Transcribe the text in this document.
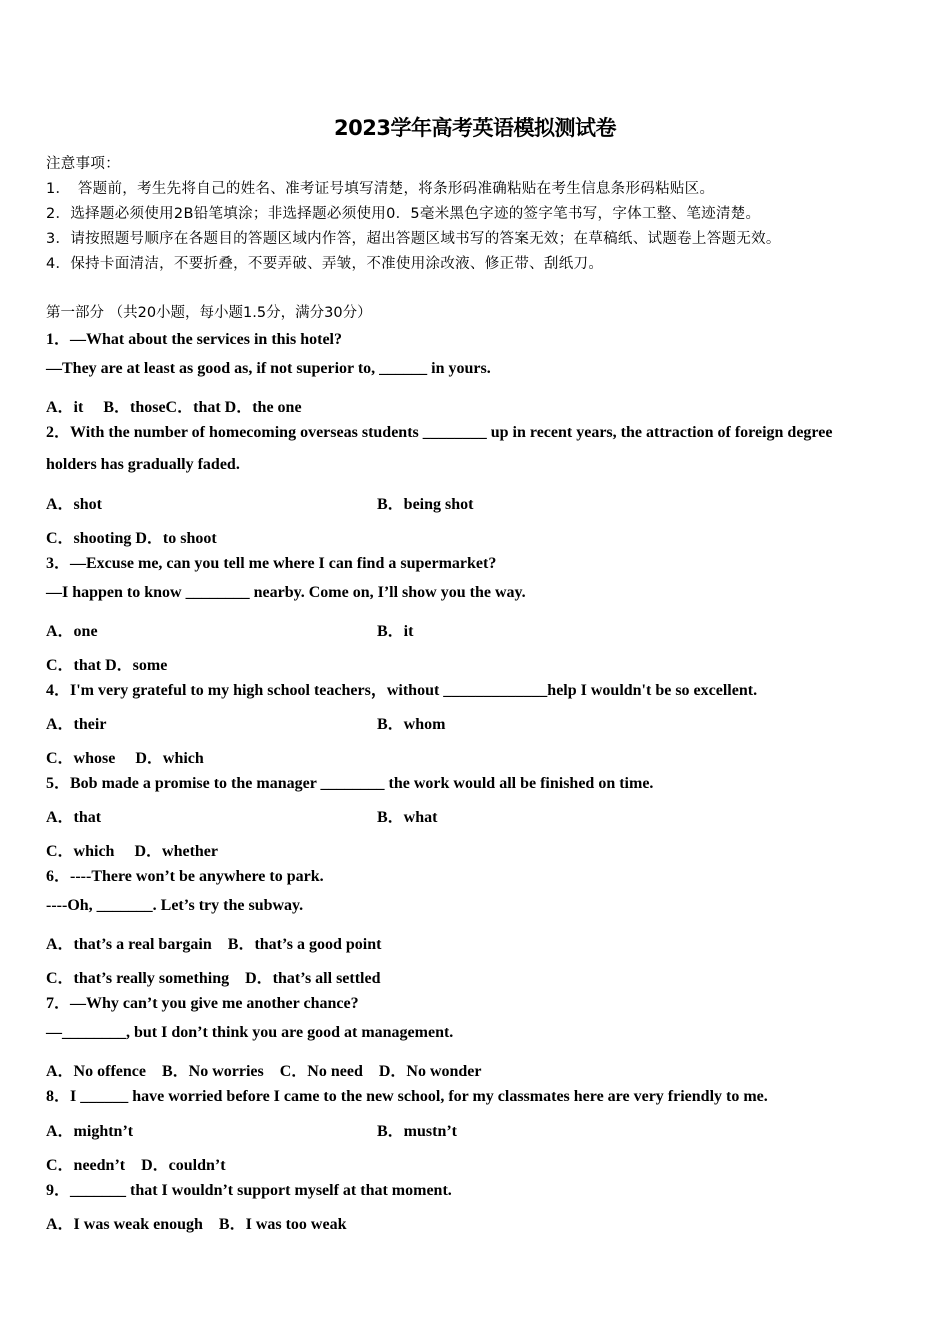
2023学年高考英语模拟测试卷
注意事项：
1．　答题前，考生先将自己的姓名、准考证号填写清楚，将条形码准确粘贴在考生信息条形码粘贴区。
2．选择题必须使用2B铅笔填涂；非选择题必须使用0．5毫米黑色字迹的签字笔书写，字体工整、笔迹清楚。
3．请按照题号顺序在各题目的答题区域内作答，超出答题区域书写的答案无效；在草稿纸、试题卷上答题无效。
4．保持卡面清洁，不要折叠，不要弄破、弄皱，不准使用涂改液、修正带、刮纸刀。
第一部分 （共20小题，每小题1.5分，满分30分）
1．—What about the services in this hotel?
—They are at least as good as, if not superior to, ______ in yours.
A．it　 B．thoseC．that D．the one
2．With the number of homecoming overseas students ________ up in recent years, the attraction of foreign degree
holders has gradually faded.
A．shot	B．being shot
C．shooting D．to shoot
3．—Excuse me, can you tell me where I can find a supermarket?
—I happen to know ________ nearby. Come on, I’ll show you the way.
A．one	B．it
C．that D．some
4．I'm very grateful to my high school teachers，without _____________help I wouldn't be so excellent.
A．their	B．whom
C．whose　 D．which
5．Bob made a promise to the manager ________ the work would all be finished on time.
A．that	B．what
C．which　 D．whether
6．----There won’t be anywhere to park.
----Oh, _______. Let’s try the subway.
A．that’s a real bargain　B．that’s a good point
C．that’s really something　D．that’s all settled
7．—Why can’t you give me another chance?
—________, but I don’t think you are good at management.
A．No offence　B．No worries　C．No need　D．No wonder
8．I ______ have worried before I came to the new school, for my classmates here are very friendly to me.
A．mightn’t	B．mustn’t
C．needn’t　D．couldn’t
9．_______ that I wouldn’t support myself at that moment.
A．I was weak enough　B．I was too weak
